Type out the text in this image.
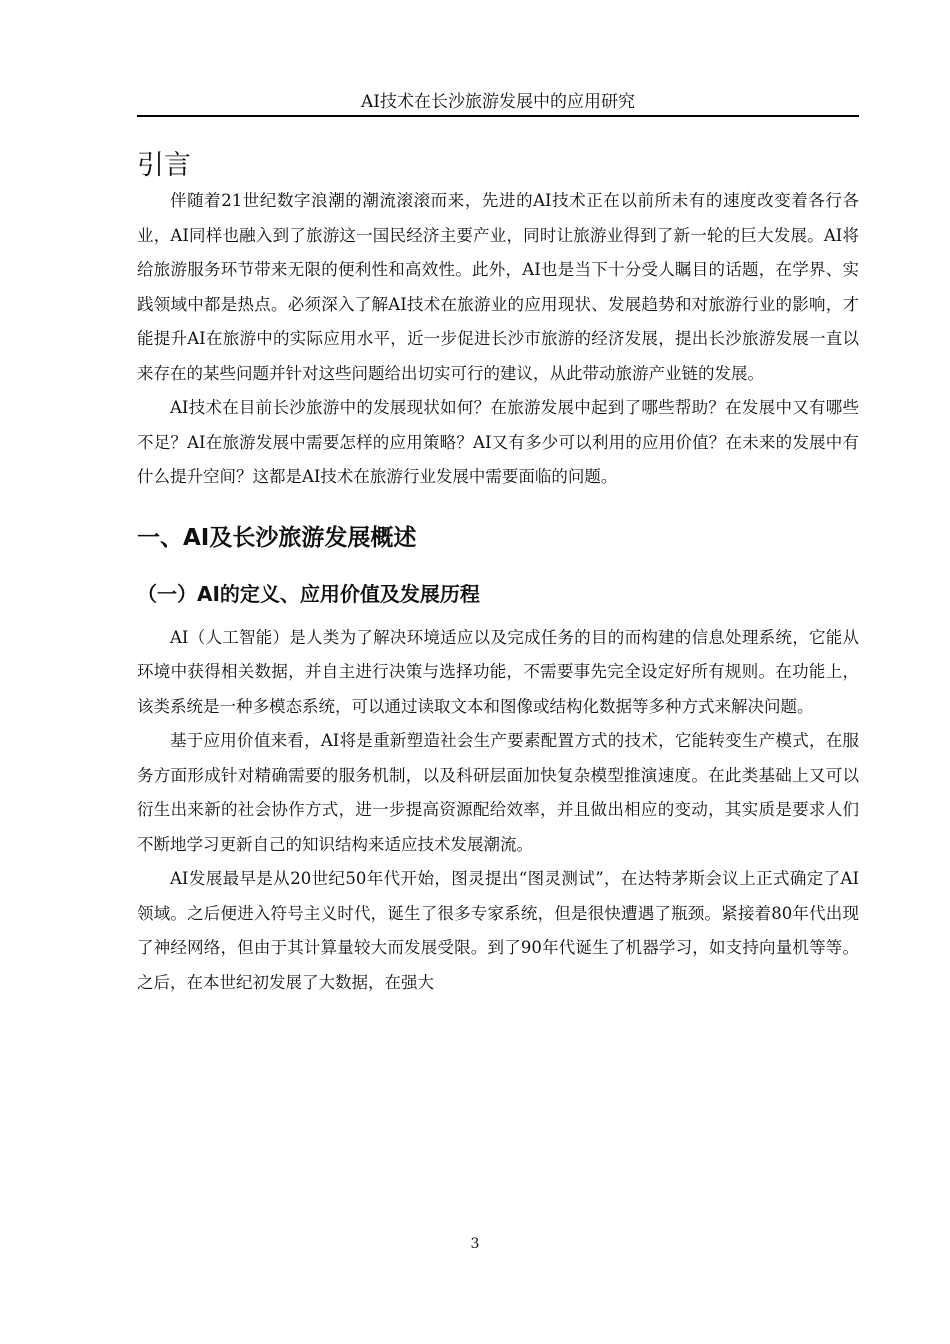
AI技术在长沙旅游发展中的应用研究
引言

伴随着21世纪数字浪潮的潮流滚滚而来，先进的AI技术正在以前所未有的速度改变着各行各业，AI同样也融入到了旅游这一国民经济主要产业，同时让旅游业得到了新一轮的巨大发展。AI将给旅游服务环节带来无限的便利性和高效性。此外，AI也是当下十分受人瞩目的话题，在学界、实践领域中都是热点。必须深入了解AI技术在旅游业的应用现状、发展趋势和对旅游行业的影响，才能提升AI在旅游中的实际应用水平，近一步促进长沙市旅游的经济发展，提出长沙旅游发展一直以来存在的某些问题并针对这些问题给出切实可行的建议，从此带动旅游产业链的发展。

AI技术在目前长沙旅游中的发展现状如何？在旅游发展中起到了哪些帮助？在发展中又有哪些不足？AI在旅游发展中需要怎样的应用策略？AI又有多少可以利用的应用价值？在未来的发展中有什么提升空间？这都是AI技术在旅游行业发展中需要面临的问题。

一、AI及长沙旅游发展概述
（一）AI的定义、应用价值及发展历程

AI（人工智能）是人类为了解决环境适应以及完成任务的目的而构建的信息处理系统，它能从环境中获得相关数据，并自主进行决策与选择功能，不需要事先完全设定好所有规则。在功能上，该类系统是一种多模态系统，可以通过读取文本和图像或结构化数据等多种方式来解决问题。

基于应用价值来看，AI将是重新塑造社会生产要素配置方式的技术，它能转变生产模式，在服务方面形成针对精确需要的服务机制，以及科研层面加快复杂模型推演速度。在此类基础上又可以衍生出来新的社会协作方式，进一步提高资源配给效率，并且做出相应的变动，其实质是要求人们不断地学习更新自己的知识结构来适应技术发展潮流。

AI发展最早是从20世纪50年代开始，图灵提出“图灵测试”，在达特茅斯会议上正式确定了AI领域。之后便进入符号主义时代，诞生了很多专家系统，但是很快遭遇了瓶颈。紧接着80年代出现了神经网络，但由于其计算量较大而发展受限。到了90年代诞生了机器学习，如支持向量机等等。之后，在本世纪初发展了大数据，在强大

3
